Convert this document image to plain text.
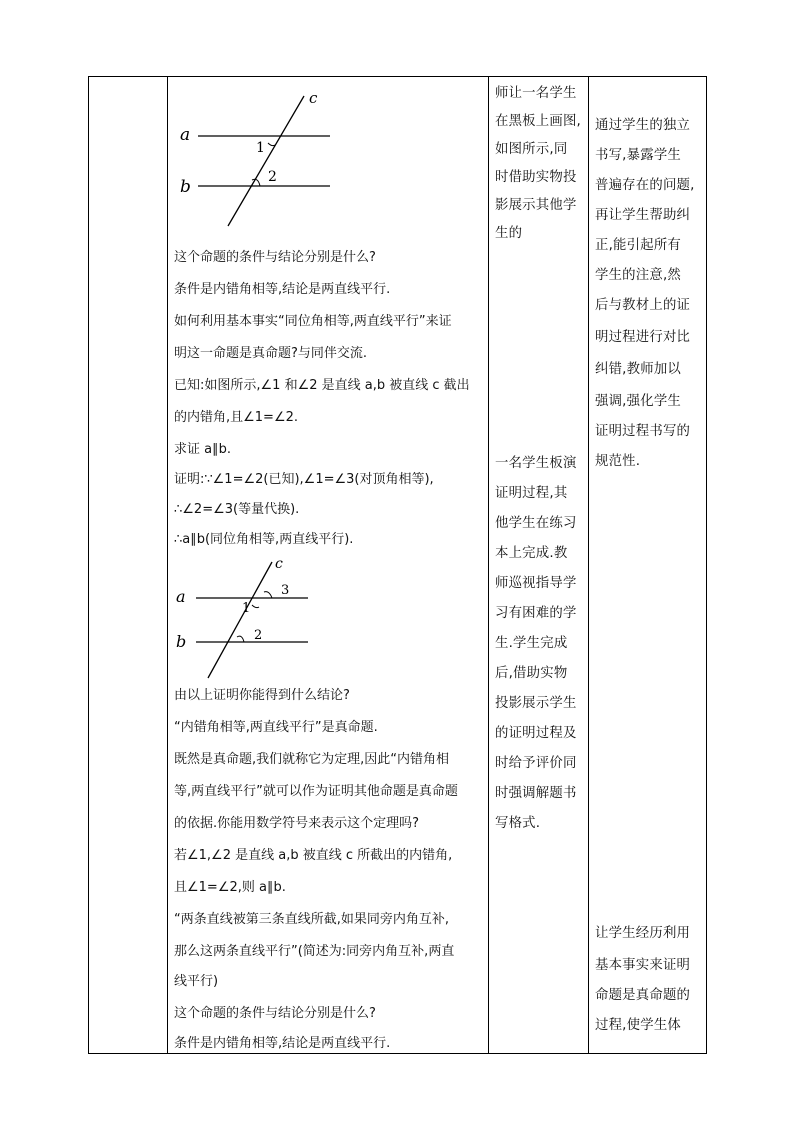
a
b
c
1
2
这个命题的条件与结论分别是什么?
条件是内错角相等,结论是两直线平行.
如何利用基本事实“同位角相等,两直线平行”来证
明这一命题是真命题?与同伴交流.
已知:如图所示,∠1 和∠2 是直线 a,b 被直线 c 截出
的内错角,且∠1=∠2.
求证 a∥b.
证明:∵∠1=∠2(已知),∠1=∠3(对顶角相等),
∴∠2=∠3(等量代换).
∴a∥b(同位角相等,两直线平行).
a
b
c
1
2
3
由以上证明你能得到什么结论?
“内错角相等,两直线平行”是真命题.
既然是真命题,我们就称它为定理,因此“内错角相
等,两直线平行”就可以作为证明其他命题是真命题
的依据.你能用数学符号来表示这个定理吗?
若∠1,∠2 是直线 a,b 被直线 c 所截出的内错角,
且∠1=∠2,则 a∥b.
“两条直线被第三条直线所截,如果同旁内角互补,
那么这两条直线平行”(简述为:同旁内角互补,两直
线平行)
这个命题的条件与结论分别是什么?
条件是内错角相等,结论是两直线平行.
师让一名学生
在黑板上画图,
如图所示,同
时借助实物投
影展示其他学
生的
一名学生板演
证明过程,其
他学生在练习
本上完成.教
师巡视指导学
习有困难的学
生.学生完成
后,借助实物
投影展示学生
的证明过程及
时给予评价同
时强调解题书
写格式.
通过学生的独立
书写,暴露学生
普遍存在的问题,
再让学生帮助纠
正,能引起所有
学生的注意,然
后与教材上的证
明过程进行对比
纠错,教师加以
强调,强化学生
证明过程书写的
规范性.
让学生经历利用
基本事实来证明
命题是真命题的
过程,使学生体
